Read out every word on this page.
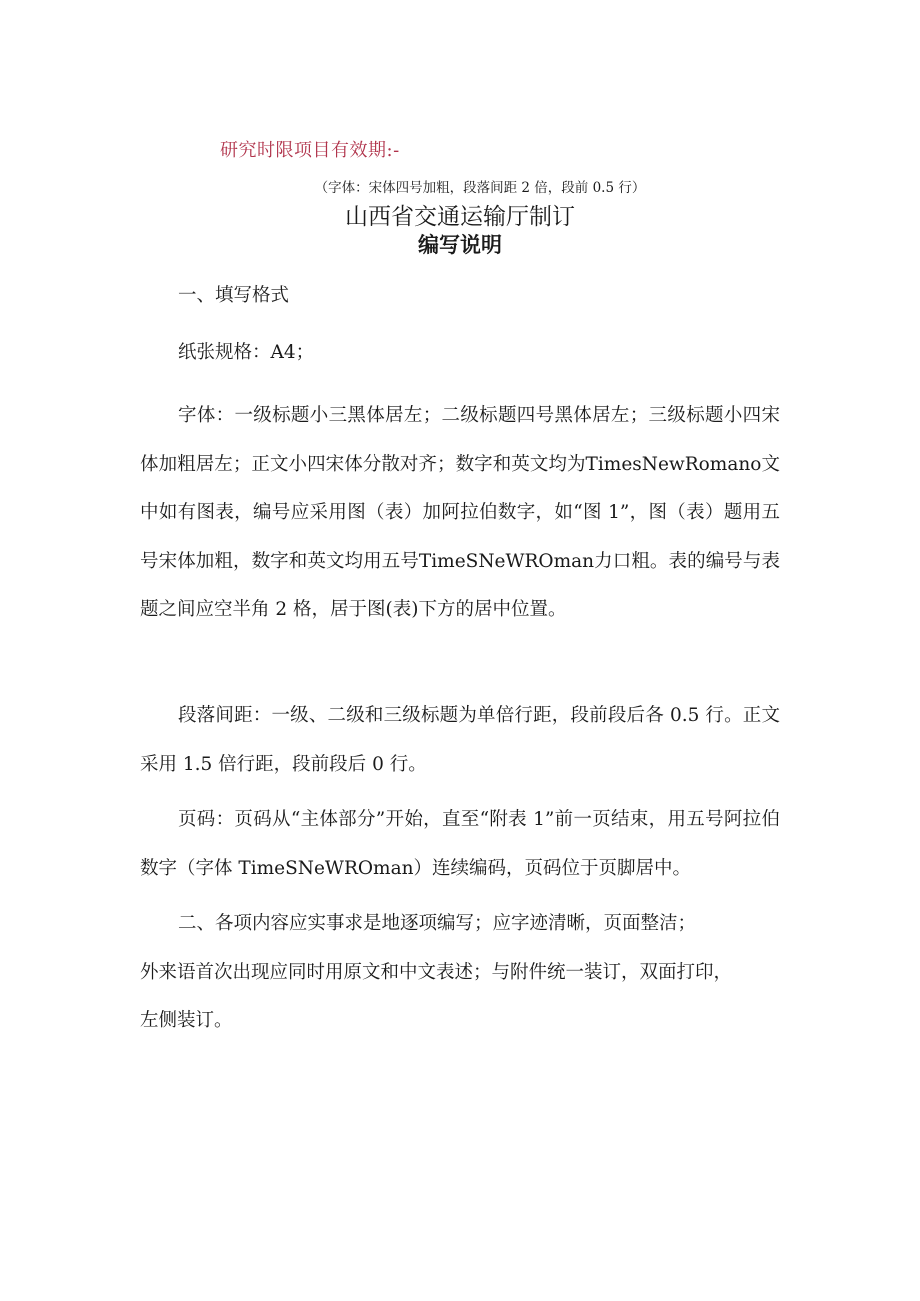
研究时限项目有效期:-
（字体：宋体四号加粗，段落间距 2 倍，段前 0.5 行）
山西省交通运输厅制订
编写说明

一、填写格式

纸张规格：A4；

字体：一级标题小三黑体居左；二级标题四号黑体居左；三级标题小四宋体加粗居左；正文小四宋体分散对齐；数字和英文均为TimesNewRomano文中如有图表，编号应采用图（表）加阿拉伯数字，如“图 1”，图（表）题用五号宋体加粗，数字和英文均用五号TimeSNeWROman力口粗。表的编号与表题之间应空半角 2 格，居于图(表)下方的居中位置。

段落间距：一级、二级和三级标题为单倍行距，段前段后各 0.5 行。正文采用 1.5 倍行距，段前段后 0 行。

页码：页码从“主体部分”开始，直至“附表 1”前一页结束，用五号阿拉伯数字（字体 TimeSNeWROman）连续编码，页码位于页脚居中。

二、各项内容应实事求是地逐项编写；应字迹清晰，页面整洁；

外来语首次出现应同时用原文和中文表述；与附件统一装订，双面打印，

左侧装订。
